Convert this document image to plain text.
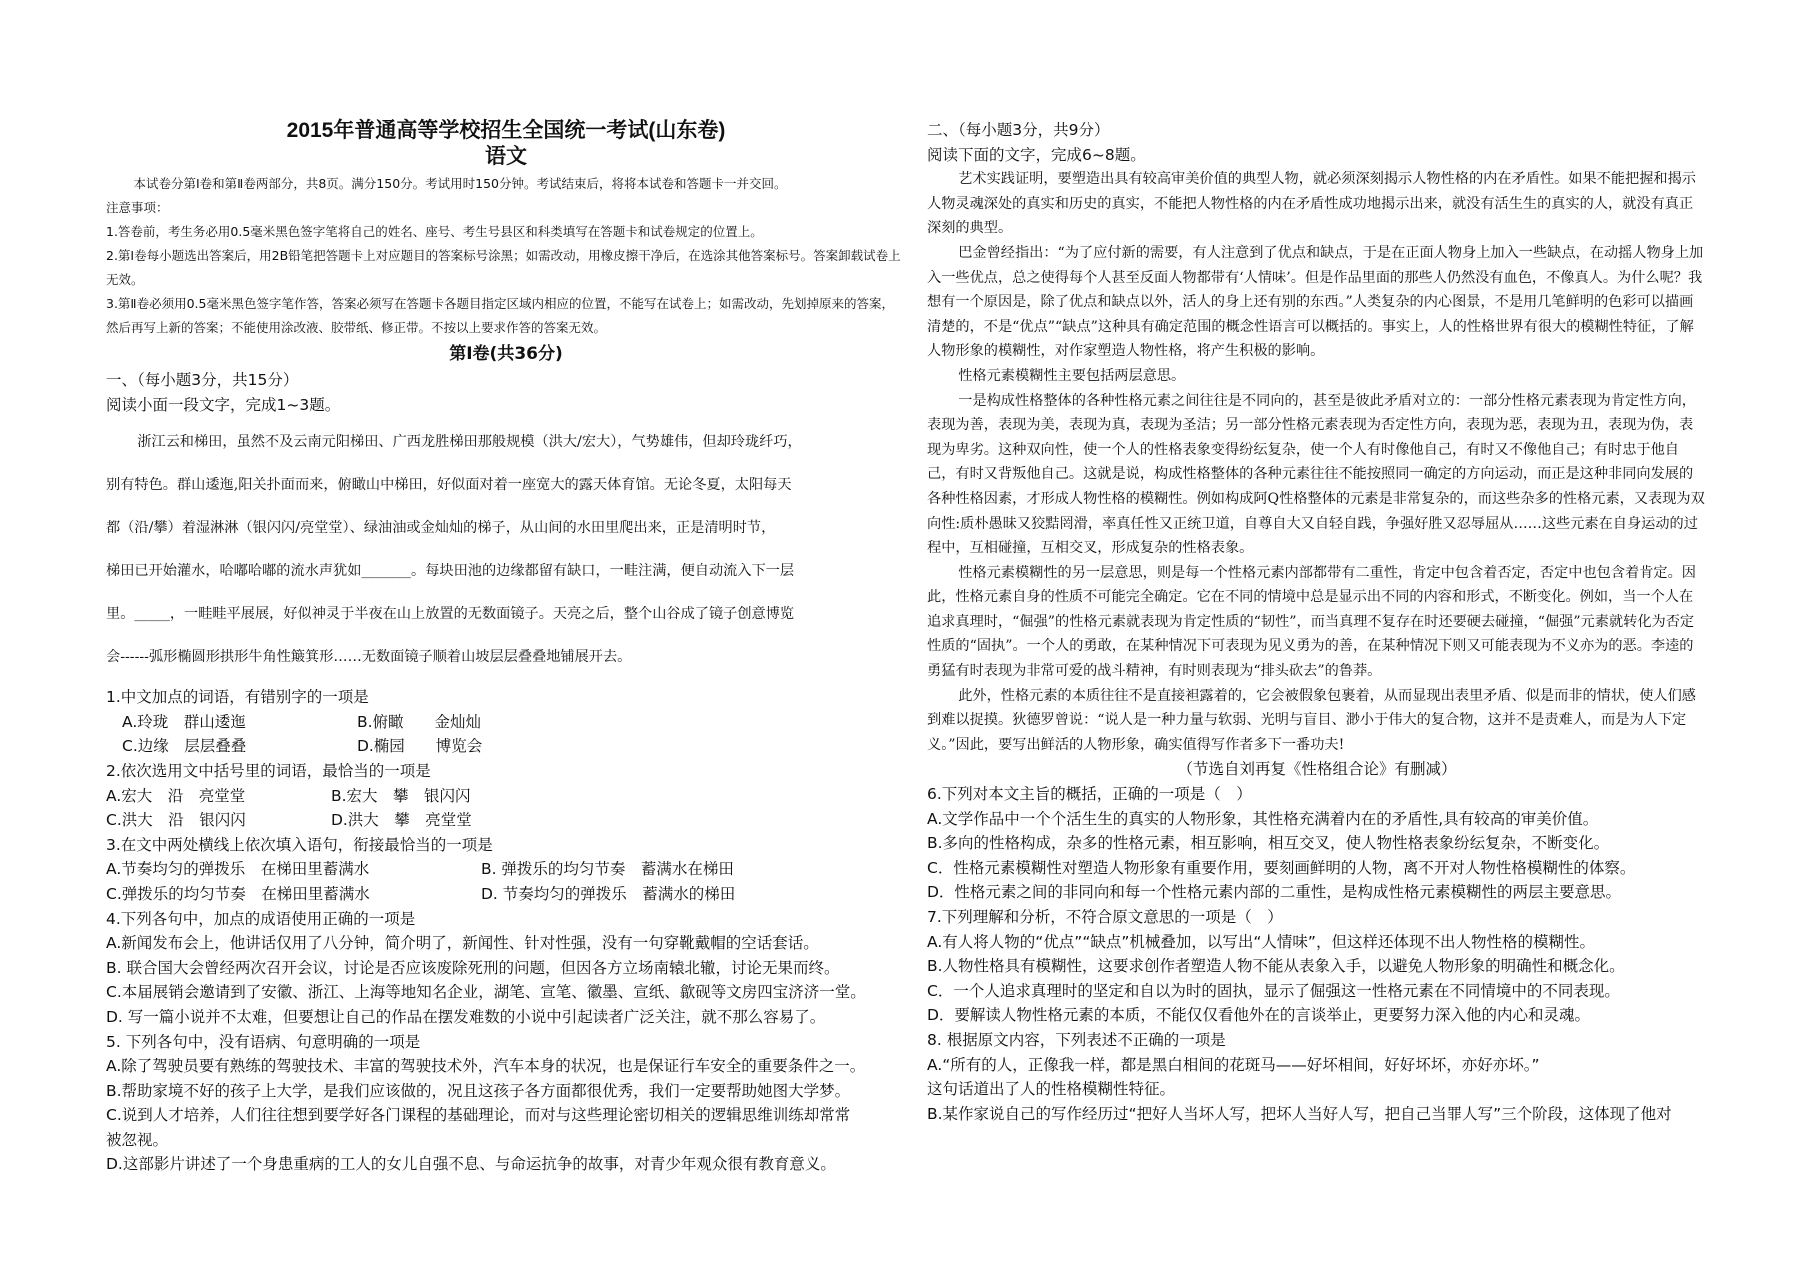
2015年普通高等学校招生全国统一考试(山东卷)
语文

本试卷分第Ⅰ卷和第Ⅱ卷两部分，共8页。满分150分。考试用时150分钟。考试结束后，将将本试卷和答题卡一并交回。

注意事项：

1.答卷前，考生务必用0.5毫米黑色签字笔将自己的姓名、座号、考生号县区和科类填写在答题卡和试卷规定的位置上。

2.第Ⅰ卷每小题选出答案后，用2B铅笔把答题卡上对应题目的答案标号涂黑；如需改动，用橡皮擦干净后，在选涂其他答案标号。答案卸载试卷上无效。

3.第Ⅱ卷必须用0.5毫米黑色签字笔作答，答案必须写在答题卡各题目指定区域内相应的位置，不能写在试卷上；如需改动，先划掉原来的答案，然后再写上新的答案；不能使用涂改液、胶带纸、修正带。不按以上要求作答的答案无效。

第Ⅰ卷(共36分)

一、（每小题3分，共15分）

阅读小面一段文字，完成1~3题。

浙江云和梯田，虽然不及云南元阳梯田、广西龙胜梯田那般规模（洪大/宏大），气势雄伟，但却玲珑纤巧，

别有特色。群山逶迤,阳关扑面而来，俯瞰山中梯田，好似面对着一座宽大的露天体育馆。无论冬夏，太阳每天

都（沿/攀）着湿淋淋（银闪闪/亮堂堂）、绿油油或金灿灿的梯子，从山间的水田里爬出来，正是清明时节，

梯田已开始灌水，哈嘟哈嘟的流水声犹如_______。每块田池的边缘都留有缺口，一畦注满，便自动流入下一层

里。_____，一畦畦平展展，好似神灵于半夜在山上放置的无数面镜子。天亮之后，整个山谷成了镜子创意博览

会------弧形椭圆形拱形牛角性簸箕形……无数面镜子顺着山坡层层叠叠地铺展开去。

1.中文加点的词语，有错别字的一项是

A.玲珑　群山逶迤	B.俯瞰　　金灿灿
C.边缘　层层叠叠	D.椭园　　博览会

2.依次选用文中括号里的词语，最恰当的一项是

A.宏大　沿　亮堂堂	B.宏大　攀　银闪闪
C.洪大　沿　银闪闪	D.洪大　攀　亮堂堂

3.在文中两处横线上依次填入语句，衔接最恰当的一项是

A.节奏均匀的弹拨乐　在梯田里蓄满水	B. 弹拨乐的均匀节奏　蓄满水在梯田
C.弹拨乐的均匀节奏　在梯田里蓄满水	D. 节奏均匀的弹拨乐　蓄满水的梯田

4.下列各句中，加点的成语使用正确的一项是

A.新闻发布会上，他讲话仅用了八分钟，简介明了，新闻性、针对性强，没有一句穿靴戴帽的空话套话。

B. 联合国大会曾经两次召开会议，讨论是否应该废除死刑的问题，但因各方立场南辕北辙，讨论无果而终。

C.本届展销会邀请到了安徽、浙江、上海等地知名企业，湖笔、宣笔、徽墨、宣纸、歙砚等文房四宝济济一堂。

D. 写一篇小说并不太难，但要想让自己的作品在摆发难数的小说中引起读者广泛关注，就不那么容易了。

5. 下列各句中，没有语病、句意明确的一项是

A.除了驾驶员要有熟练的驾驶技术、丰富的驾驶技术外，汽车本身的状况，也是保证行车安全的重要条件之一。

B.帮助家境不好的孩子上大学，是我们应该做的，况且这孩子各方面都很优秀，我们一定要帮助她图大学梦。

C.说到人才培养，人们往往想到要学好各门课程的基础理论，而对与这些理论密切相关的逻辑思维训练却常常

被忽视。

D.这部影片讲述了一个身患重病的工人的女儿自强不息、与命运抗争的故事，对青少年观众很有教育意义。

二、（每小题3分，共9分）

阅读下面的文字，完成6~8题。

艺术实践证明，要塑造出具有较高审美价值的典型人物，就必须深刻揭示人物性格的内在矛盾性。如果不能把握和揭示人物灵魂深处的真实和历史的真实，不能把人物性格的内在矛盾性成功地揭示出来，就没有活生生的真实的人，就没有真正深刻的典型。

巴金曾经指出：“为了应付新的需要，有人注意到了优点和缺点，于是在正面人物身上加入一些缺点，在动摇人物身上加入一些优点，总之使得每个人甚至反面人物都带有‘人情味’。但是作品里面的那些人仍然没有血色，不像真人。为什么呢？我想有一个原因是，除了优点和缺点以外，活人的身上还有别的东西。”人类复杂的内心图景，不是用几笔鲜明的色彩可以描画清楚的，不是“优点”“缺点”这种具有确定范围的概念性语言可以概括的。事实上，人的性格世界有很大的模糊性特征，了解人物形象的模糊性，对作家塑造人物性格，将产生积极的影响。

性格元素模糊性主要包括两层意思。

一是构成性格整体的各种性格元素之间往往是不同向的，甚至是彼此矛盾对立的：一部分性格元素表现为肯定性方向，表现为善，表现为美，表现为真，表现为圣洁；另一部分性格元素表现为否定性方向，表现为恶，表现为丑，表现为伪，表现为卑劣。这种双向性，使一个人的性格表象变得纷纭复杂，使一个人有时像他自己，有时又不像他自己；有时忠于他自己，有时又背叛他自己。这就是说，构成性格整体的各种元素往往不能按照同一确定的方向运动，而正是这种非同向发展的各种性格因素，才形成人物性格的模糊性。例如构成阿Q性格整体的元素是非常复杂的，而这些杂多的性格元素，又表现为双向性:质朴愚昧又狡黠罔滑，率真任性又正统卫道，自尊自大又自轻自践，争强好胜又忍辱屈从……这些元素在自身运动的过程中，互相碰撞，互相交叉，形成复杂的性格表象。

性格元素模糊性的另一层意思，则是每一个性格元素内部都带有二重性，肯定中包含着否定，否定中也包含着肯定。因此，性格元素自身的性质不可能完全确定。它在不同的情境中总是显示出不同的内容和形式，不断变化。例如，当一个人在追求真理时，“倔强”的性格元素就表现为肯定性质的“韧性”，而当真理不复存在时还要硬去碰撞，“倔强”元素就转化为否定性质的“固执”。一个人的勇敢，在某种情况下可表现为见义勇为的善，在某种情况下则又可能表现为不义亦为的恶。李逵的勇猛有时表现为非常可爱的战斗精神，有时则表现为“排头砍去”的鲁莽。

此外，性格元素的本质往往不是直接袒露着的，它会被假象包裹着，从而显现出表里矛盾、似是而非的情状，使人们感到难以捉摸。狄德罗曾说：“说人是一种力量与软弱、光明与盲目、渺小于伟大的复合物，这并不是责难人，而是为人下定义。”因此，要写出鲜活的人物形象，确实值得写作者多下一番功夫!

（节选自刘再复《性格组合论》有删减）

6.下列对本文主旨的概括，正确的一项是（　）

A.文学作品中一个个活生生的真实的人物形象，其性格充满着内在的矛盾性,具有较高的审美价值。

B.多向的性格构成，杂多的性格元素，相互影响，相互交叉，使人物性格表象纷纭复杂，不断变化。

C．性格元素模糊性对塑造人物形象有重要作用，要刻画鲜明的人物，离不开对人物性格模糊性的体察。

D．性格元素之间的非同向和每一个性格元素内部的二重性，是构成性格元素模糊性的两层主要意思。

7.下列理解和分析，不符合原文意思的一项是（　）

A.有人将人物的“优点”“缺点”机械叠加，以写出“人情味”，但这样还体现不出人物性格的模糊性。

B.人物性格具有模糊性，这要求创作者塑造人物不能从表象入手，以避免人物形象的明确性和概念化。

C．一个人追求真理时的坚定和自以为时的固执，显示了倔强这一性格元素在不同情境中的不同表现。

D．要解读人物性格元素的本质，不能仅仅看他外在的言谈举止，更要努力深入他的内心和灵魂。

8. 根据原文内容，下列表述不正确的一项是

A.“所有的人，正像我一样，都是黑白相间的花斑马——好坏相间，好好坏坏，亦好亦坏。”

这句话道出了人的性格模糊性特征。

B.某作家说自己的写作经历过“把好人当坏人写，把坏人当好人写，把自己当罪人写”三个阶段，这体现了他对
